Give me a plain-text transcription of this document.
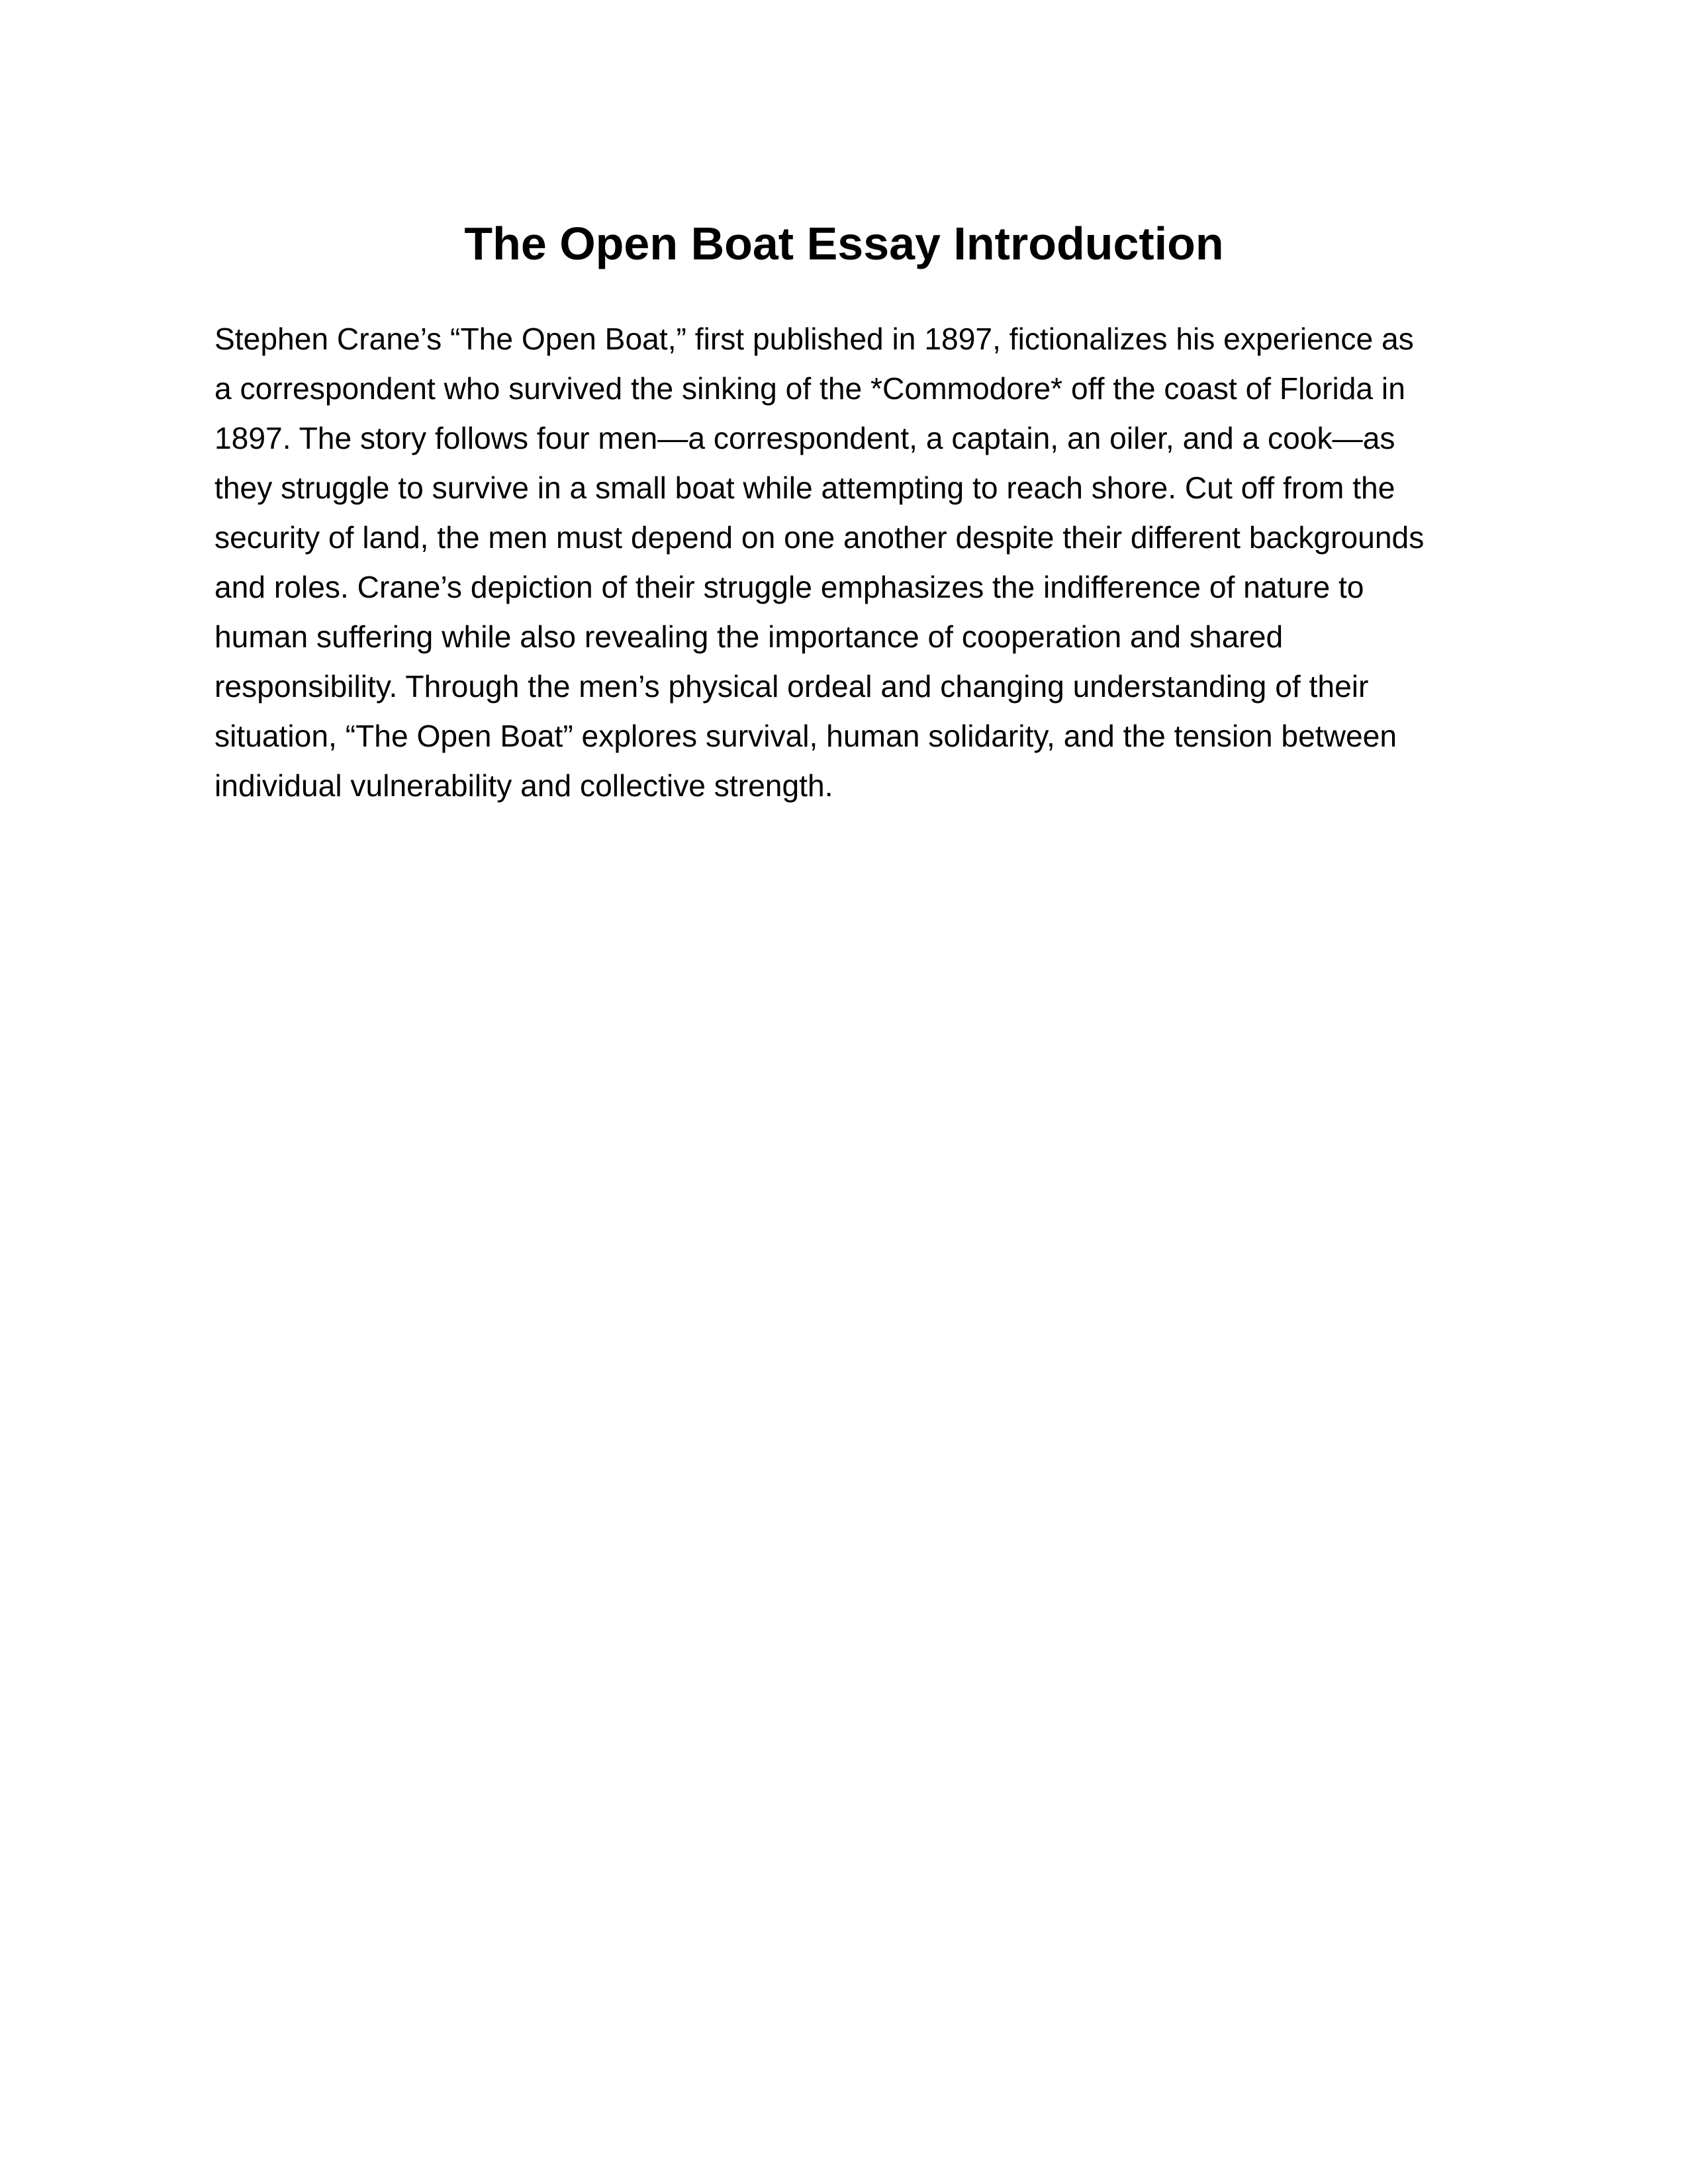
The Open Boat Essay Introduction

Stephen Crane’s “The Open Boat,” first published in 1897, fictionalizes his experience as
a correspondent who survived the sinking of the *Commodore* off the coast of Florida in
1897. The story follows four men—a correspondent, a captain, an oiler, and a cook—as
they struggle to survive in a small boat while attempting to reach shore. Cut off from the
security of land, the men must depend on one another despite their different backgrounds
and roles. Crane’s depiction of their struggle emphasizes the indifference of nature to
human suffering while also revealing the importance of cooperation and shared
responsibility. Through the men’s physical ordeal and changing understanding of their
situation, “The Open Boat” explores survival, human solidarity, and the tension between
individual vulnerability and collective strength.
